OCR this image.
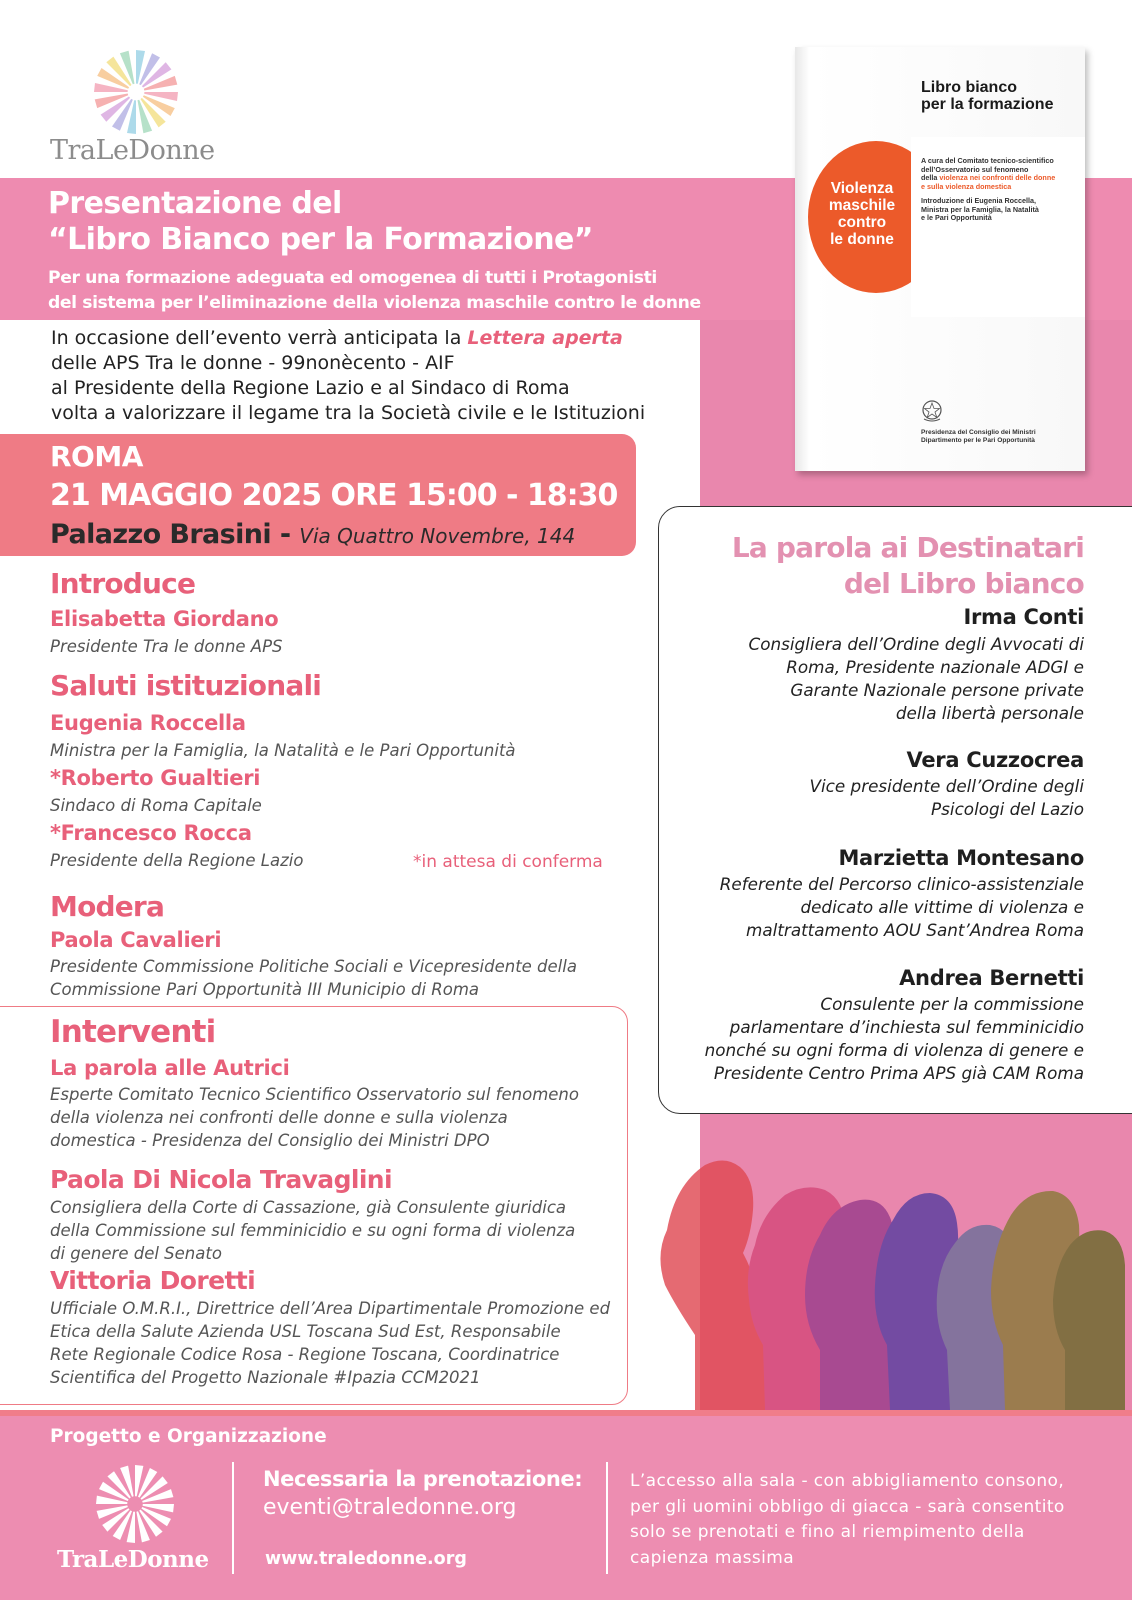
TraLeDonne
Presentazione del
“Libro Bianco per la Formazione”
Per una formazione adeguata ed omogenea di tutti i Protagonisti
del sistema per l’eliminazione della violenza maschile contro le donne
In occasione dell’evento verrà anticipata la Lettera aperta
delle APS Tra le donne - 99nonècento - AIF
al Presidente della Regione Lazio e al Sindaco di Roma
volta a valorizzare il legame tra la Società civile e le Istituzioni
ROMA
21 MAGGIO 2025 ORE 15:00 - 18:30
Palazzo Brasini - Via Quattro Novembre, 144
Libro bianco
per la formazione
Violenza
maschile
contro
le donne
A cura del Comitato tecnico-scientifico
dell’Osservatorio sul fenomeno
della violenza nei confronti delle donne
e sulla violenza domestica
Introduzione di Eugenia Roccella,
Ministra per la Famiglia, la Natalità
e le Pari Opportunità
Presidenza del Consiglio dei Ministri
Dipartimento per le Pari Opportunità
Introduce
Elisabetta Giordano
Presidente Tra le donne APS
Saluti istituzionali
Eugenia Roccella
Ministra per la Famiglia, la Natalità e le Pari Opportunità
*Roberto Gualtieri
Sindaco di Roma Capitale
*Francesco Rocca
Presidente della Regione Lazio	*in attesa di conferma
Modera
Paola Cavalieri
Presidente Commissione Politiche Sociali e Vicepresidente della
Commissione Pari Opportunità III Municipio di Roma
Interventi
La parola alle Autrici
Esperte Comitato Tecnico Scientifico Osservatorio sul fenomeno
della violenza nei confronti delle donne e sulla violenza
domestica - Presidenza del Consiglio dei Ministri DPO
Paola Di Nicola Travaglini
Consigliera della Corte di Cassazione, già Consulente giuridica
della Commissione sul femminicidio e su ogni forma di violenza
di genere del Senato
Vittoria Doretti
Ufficiale O.M.R.I., Direttrice dell’Area Dipartimentale Promozione ed
Etica della Salute Azienda USL Toscana Sud Est, Responsabile
Rete Regionale Codice Rosa - Regione Toscana, Coordinatrice
Scientifica del Progetto Nazionale #Ipazia CCM2021
La parola ai Destinatari
del Libro bianco
Irma Conti
Consigliera dell’Ordine degli Avvocati di
Roma, Presidente nazionale ADGI e
Garante Nazionale persone private
della libertà personale
Vera Cuzzocrea
Vice presidente dell’Ordine degli
Psicologi del Lazio
Marzietta Montesano
Referente del Percorso clinico-assistenziale
dedicato alle vittime di violenza e
maltrattamento AOU Sant’Andrea Roma
Andrea Bernetti
Consulente per la commissione
parlamentare d’inchiesta sul femminicidio
nonché su ogni forma di violenza di genere e
Presidente Centro Prima APS già CAM Roma
Progetto e Organizzazione
TraLeDonne
Necessaria la prenotazione:
eventi@traledonne.org
www.traledonne.org
L’accesso alla sala - con abbigliamento consono,
per gli uomini obbligo di giacca - sarà consentito
solo se prenotati e fino al riempimento della
capienza massima
